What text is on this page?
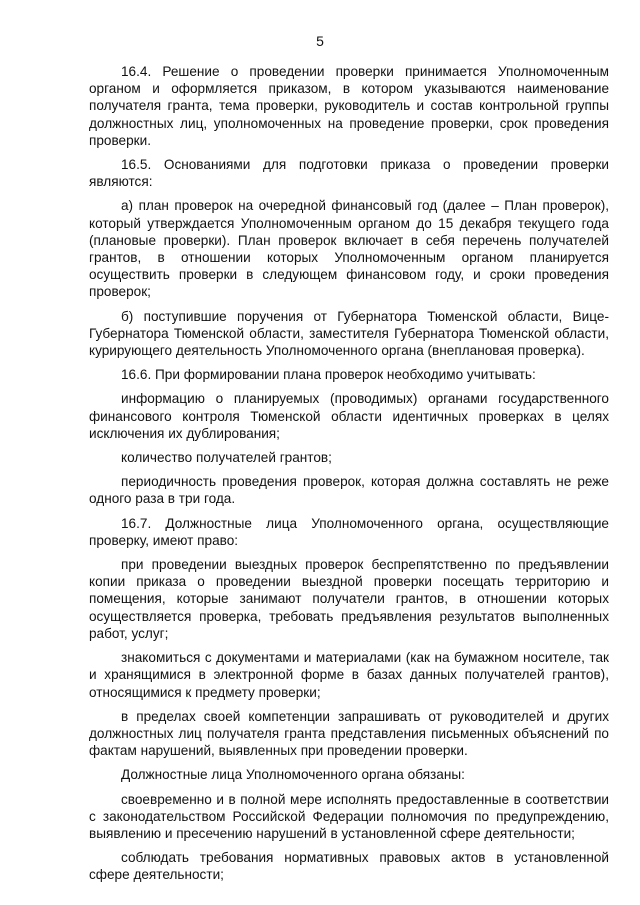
5

16.4. Решение о проведении проверки принимается Уполномоченным органом и оформляется приказом, в котором указываются наименование получателя гранта, тема проверки, руководитель и состав контрольной группы должностных лиц, уполномоченных на проведение проверки, срок проведения проверки.

16.5. Основаниями для подготовки приказа о проведении проверки являются:

а) план проверок на очередной финансовый год (далее – План проверок), который утверждается Уполномоченным органом до 15 декабря текущего года (плановые проверки). План проверок включает в себя перечень получателей грантов, в отношении которых Уполномоченным органом планируется осуществить проверки в следующем финансовом году, и сроки проведения проверок;

б) поступившие поручения от Губернатора Тюменской области, Вице-Губернатора Тюменской области, заместителя Губернатора Тюменской области, курирующего деятельность Уполномоченного органа (внеплановая проверка).

16.6. При формировании плана проверок необходимо учитывать:

информацию о планируемых (проводимых) органами государственного финансового контроля Тюменской области идентичных проверках в целях исключения их дублирования;

количество получателей грантов;

периодичность проведения проверок, которая должна составлять не реже одного раза в три года.

16.7. Должностные лица Уполномоченного органа, осуществляющие проверку, имеют право:

при проведении выездных проверок беспрепятственно по предъявлении копии приказа о проведении выездной проверки посещать территорию и помещения, которые занимают получатели грантов, в отношении которых осуществляется проверка, требовать предъявления результатов выполненных работ, услуг;

знакомиться с документами и материалами (как на бумажном носителе, так и хранящимися в электронной форме в базах данных получателей грантов), относящимися к предмету проверки;

в пределах своей компетенции запрашивать от руководителей и других должностных лиц получателя гранта представления письменных объяснений по фактам нарушений, выявленных при проведении проверки.

Должностные лица Уполномоченного органа обязаны:

своевременно и в полной мере исполнять предоставленные в соответствии с законодательством Российской Федерации полномочия по предупреждению, выявлению и пресечению нарушений в установленной сфере деятельности;

соблюдать требования нормативных правовых актов в установленной сфере деятельности;
